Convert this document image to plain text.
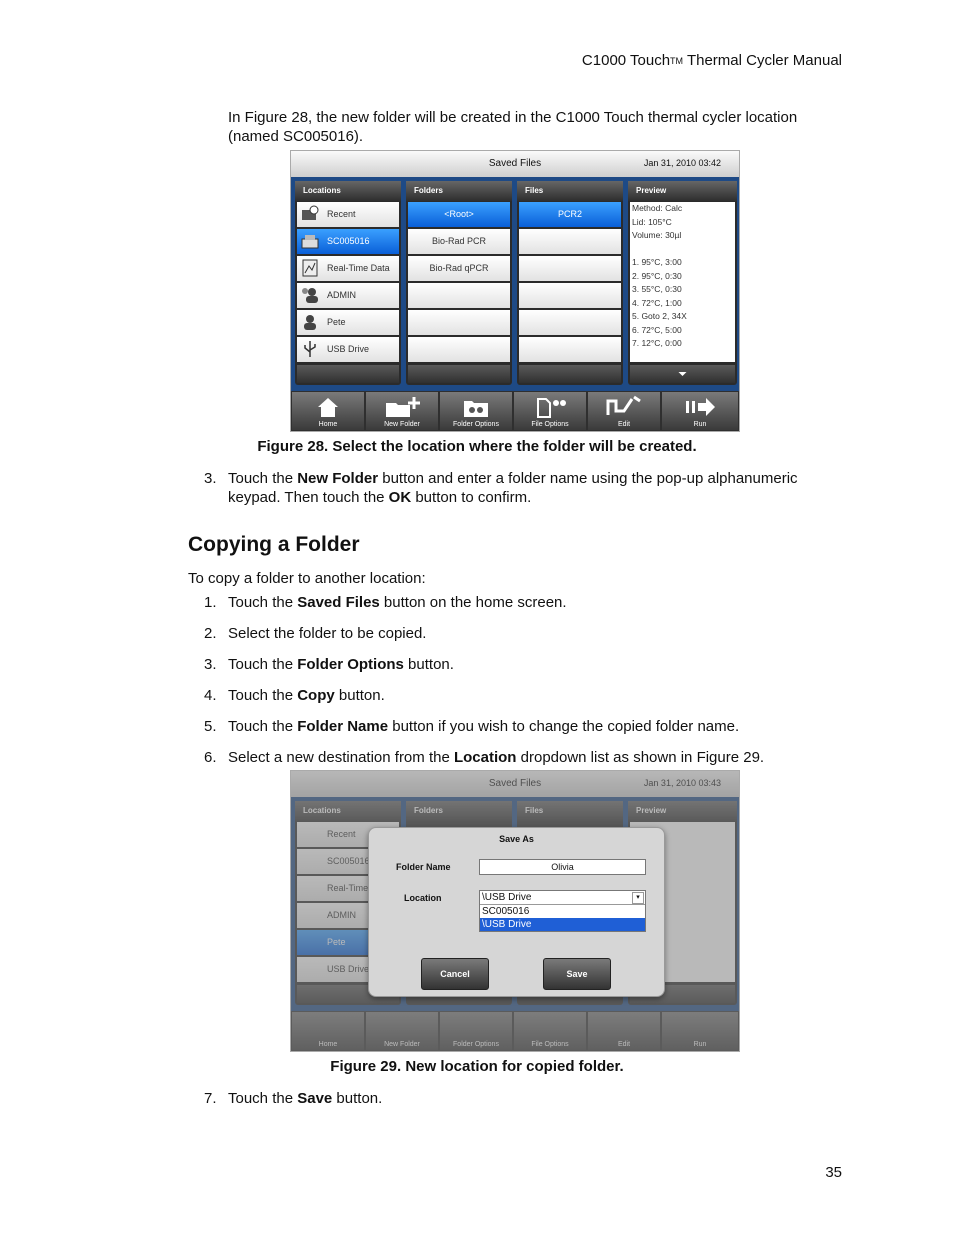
C1000 Touch™ Thermal Cycler Manual
In Figure 28, the new folder will be created in the C1000 Touch thermal cycler location
(named SC005016).
Saved Files	Jan 31, 2010 03:42
Locations
Recent
SC005016
Real-Time Data
ADMIN
Pete
USB Drive
Folders
<Root>
Bio-Rad PCR
Bio-Rad qPCR
Files
PCR2
Preview
Method: Calc
Lid: 105°C
Volume: 30µl
1. 95°C, 3:00
2. 95°C, 0:30
3. 55°C, 0:30
4. 72°C, 1:00
5. Goto 2, 34X
6. 72°C, 5:00
7. 12°C, 0:00
Home	New Folder	Folder Options	File Options	Edit	Run
Figure 28. Select the location where the folder will be created.
3. Touch the New Folder button and enter a folder name using the pop-up alphanumeric
keypad. Then touch the OK button to confirm.
Copying a Folder
To copy a folder to another location:
1. Touch the Saved Files button on the home screen.
2. Select the folder to be copied.
3. Touch the Folder Options button.
4. Touch the Copy button.
5. Touch the Folder Name button if you wish to change the copied folder name.
6. Select a new destination from the Location dropdown list as shown in Figure 29.
Save As
Folder Name	Olivia
Location	\USB Drive	▾
SC005016
\USB Drive
Cancel	Save
Figure 29. New location for copied folder.
7. Touch the Save button.
35
